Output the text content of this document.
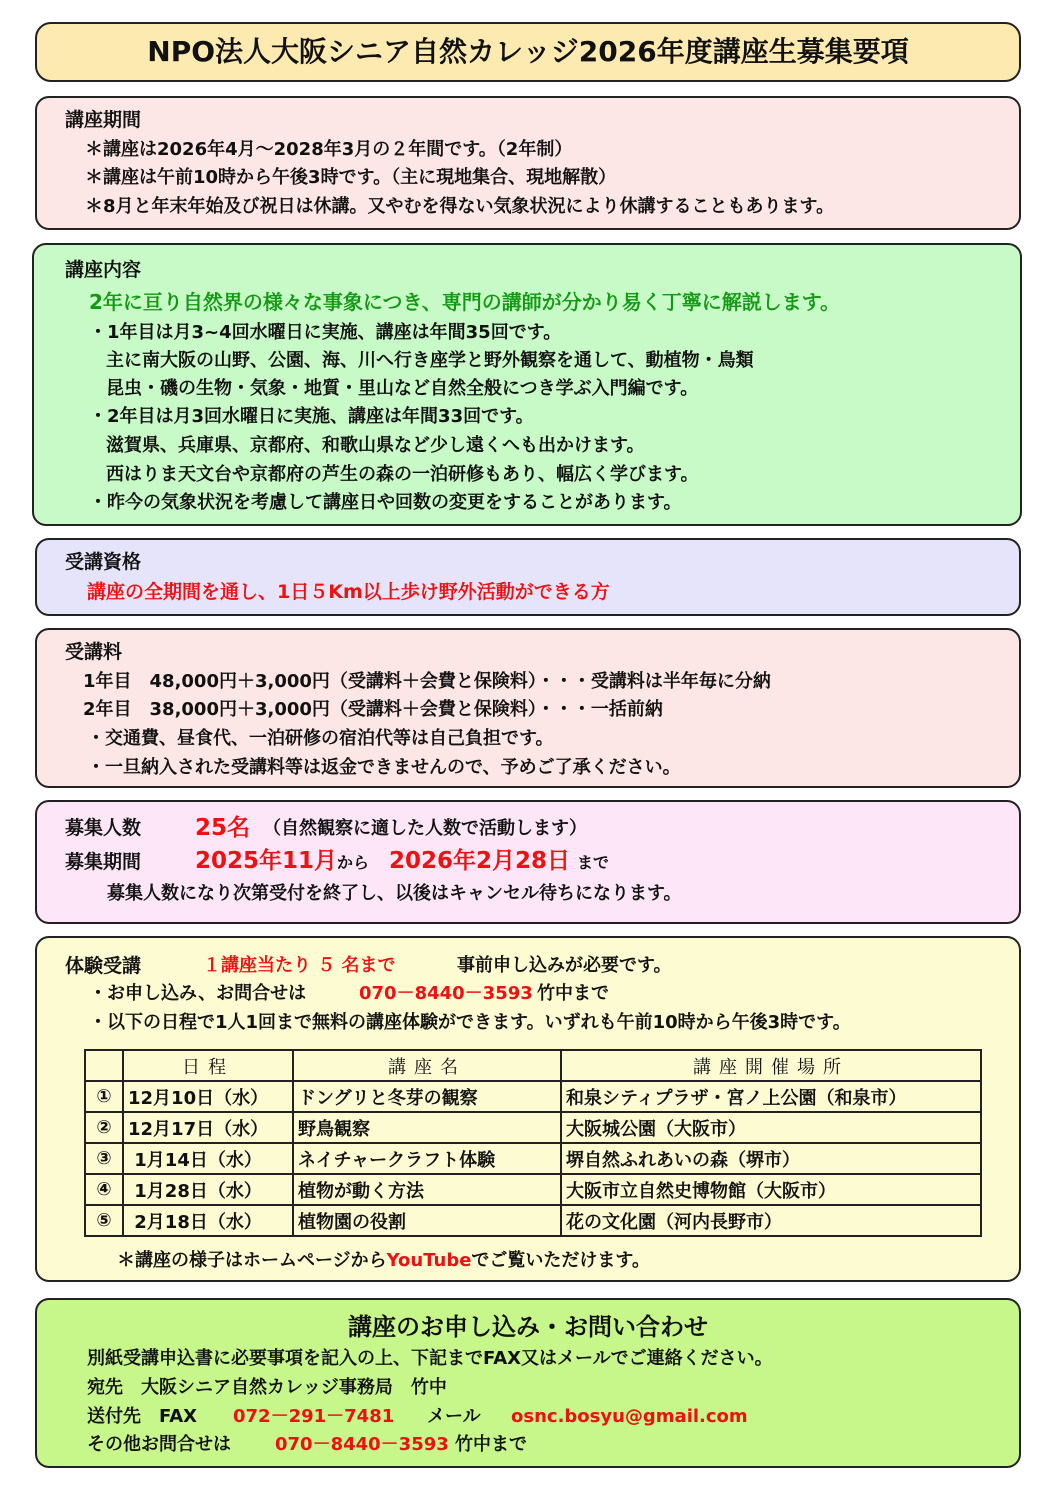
NPO法人大阪シニア自然カレッジ2026年度講座生募集要項
講座期間
＊講座は2026年4月～2028年3月の２年間です。（2年制）
＊講座は午前10時から午後3時です。（主に現地集合、現地解散）
＊8月と年末年始及び祝日は休講。又やむを得ない気象状況により休講することもあります。
講座内容
2年に亘り自然界の様々な事象につき、専門の講師が分かり易く丁寧に解説します。
・1年目は月3~4回水曜日に実施、講座は年間35回です。
主に南大阪の山野、公園、海、川へ行き座学と野外観察を通して、動植物・鳥類
昆虫・磯の生物・気象・地質・里山など自然全般につき学ぶ入門編です。
・2年目は月3回水曜日に実施、講座は年間33回です。
滋賀県、兵庫県、京都府、和歌山県など少し遠くへも出かけます。
西はりま天文台や京都府の芦生の森の一泊研修もあり、幅広く学びます。
・昨今の気象状況を考慮して講座日や回数の変更をすることがあります。
受講資格
講座の全期間を通し、1日５Km以上歩け野外活動ができる方
受講料
1年目　48,000円＋3,000円（受講料＋会費と保険料）・・・受講料は半年毎に分納
2年目　38,000円＋3,000円（受講料＋会費と保険料）・・・一括前納
・交通費、昼食代、一泊研修の宿泊代等は自己負担です。
・一旦納入された受講料等は返金できませんので、予めご了承ください。
募集人数 25名 （自然観察に適した人数で活動します）
募集期間 2025年11月 から 2026年2月28日 まで
募集人数になり次第受付を終了し、以後はキャンセル待ちになります。
体験受講	１講座当たり ５ 名まで	事前申し込みが必要です。
・お申し込み、お問合せは	070－8440－3593 竹中まで
・以下の日程で1人1回まで無料の講座体験ができます。いずれも午前10時から午後3時です。
＊講座の様子はホームページからYouTubeでご覧いただけます。
	日程	講座名	講座開催場所
①	12月10日（水）	ドングリと冬芽の観察	和泉シティプラザ・宮ノ上公園（和泉市）
②	12月17日（水）	野鳥観察	大阪城公園（大阪市）
③	1月14日（水）	ネイチャークラフト体験	堺自然ふれあいの森（堺市）
④	1月28日（水）	植物が動く方法	大阪市立自然史博物館（大阪市）
⑤	2月18日（水）	植物園の役割	花の文化園（河内長野市）
講座のお申し込み・お問い合わせ
別紙受講申込書に必要事項を記入の上、下記までFAX又はメールでご連絡ください。
宛先　大阪シニア自然カレッジ事務局　竹中
送付先　FAX 072－291－7481 メール osnc.bosyu@gmail.com
その他お問合せは 070－8440－3593 竹中まで
